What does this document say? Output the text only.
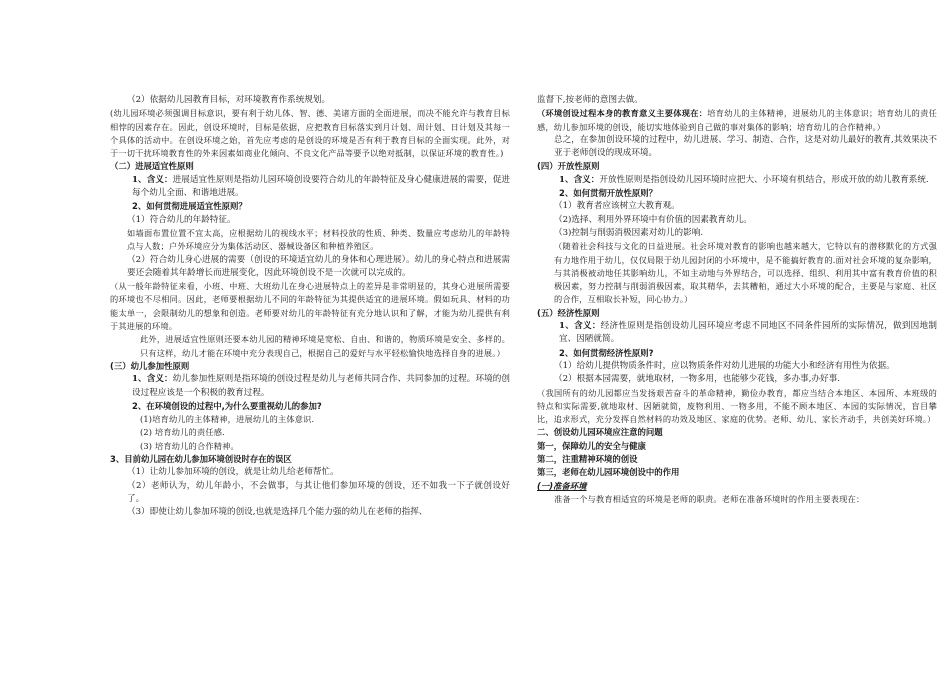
（2）依据幼儿园教育目标，对环境教育作系统规划。

(幼儿园环境必须强调目标意识，要有利于幼儿体、智、德、美诸方面的全面进展，而决不能允许与教育目标相悖的因素存在。因此，创设环境时，目标是依据，应把教育目标落实到月计划、周计划、日计划及其每一个具体的活动中。在创设环境之始，首先应考虑的是创设的环境是否有利于教育目标的全面实现。此外，对于一切干扰环境教育性的外来因素如商业化倾向、不良文化产品等要予以绝对抵制，以保证环境的教育性。)

（二）进展适宜性原则

1、含义：进展适宜性原则是指幼儿园环境创设要符合幼儿的年龄特征及身心健康进展的需要，促进每个幼儿全面、和谐地进展。

2、如何贯彻进展适宜性原则？

（1）符合幼儿的年龄特征。

如墙面布置位置不宜太高，应根据幼儿的视线水平；材料投放的性质、种类、数量应考虑幼儿的年龄特点与人数；户外环境应分为集体活动区、器械设备区和种植养殖区。

（2）符合幼儿身心进展的需要（创设的环境适宜幼儿的身体和心理进展）。幼儿的身心特点和进展需要还会随着其年龄增长而进展变化，因此环境创设不是一次就可以完成的。

（从一般年龄特征来看，小班、中班、大班幼儿在身心进展特点上的差异是非常明显的，其身心进展所需要的环境也不尽相同。因此，老师要根据幼儿不同的年龄特征为其提供适宜的进展环境。假如玩具、材料的功能太单一，会限制幼儿的想象和创造。老师要对幼儿的年龄特征有充分地认识和了解，才能为幼儿提供有利于其进展的环境。

此外，进展适宜性原则还要本幼儿园的精神环境是宽松、自由、和谐的，物质环境是安全、多样的。只有这样，幼儿才能在环境中充分表现自己，根据自己的爱好与水平轻松愉快地选择自身的进展。）

(三）幼儿参加性原则

1、含义：幼儿参加性原则是指环境的创设过程是幼儿与老师共同合作、共同参加的过程。环境的创设过程应该是一个积极的教育过程。

2、在环境创设的过程中,为什么要重视幼儿的参加?

(1)培育幼儿的主体精神，进展幼儿的主体意识.

(2) 培育幼儿的责任感.

(3) 培育幼儿的合作精神。

3、目前幼儿园在幼儿参加环境创设时存在的误区

（1）让幼儿参加环境的创设，就是让幼儿给老师帮忙。

（2）老师认为，幼儿年龄小，不会做事，与其让他们参加环境的创设，还不如我一下子就创设好了。

（3）即使让幼儿参加环境的创设,也就是选择几个能力强的幼儿在老师的指挥、

监督下,按老师的意图去做。

（环境创设过程本身的教育意义主要体现在：培育幼儿的主体精神，进展幼儿的主体意识；培育幼儿的责任感，幼儿参加环境的创设，能切实地体验到自己做的事对集体的影响；培育幼儿的合作精神。）

总之，在参加创设环境的过程中，幼儿进展、学习、制造、合作，这是对幼儿最好的教育,其效果决不亚于老师创设的现成环境。

(四）开放性原则

1、含义：开放性原则是指创设幼儿园环境时应把大、小环境有机结合，形成开放的幼儿教育系统.

2、如何贯彻开放性原则？

（1）教育者应该树立大教育观。

（2)选择、利用外界环境中有价值的因素教育幼儿。

（3)控制与削弱消极因素对幼儿的影响.

（随着社会科技与文化的日益进展。社会环境对教育的影响也越来越大，它特以有的潜移默化的方式强有力地作用于幼儿，仅仅局限于幼儿园封闭的小环境中，是不能搞好教育的.面对社会环境的复杂影响，与其消极被动地任其影响幼儿，不如主动地与外界结合，可以选择、组织、利用其中富有教育价值的积极因素，努力控制与削弱消极因素，取其精华，去其糟粕，通过大小环境的配合，主要是与家庭、社区的合作，互相取长补短，同心协力。）

(五）经济性原则

1、含义：经济性原则是指创设幼儿园环境应考虑不同地区不同条件园所的实际情况，做到因地制宜、因陋就简。

2、如何贯彻经济性原则?

（1）给幼儿提供物质条件时，应以物质条件对幼儿进展的功能大小和经济有用性为依据。

（2）根据本园需要，就地取材，一物多用，也能够少花钱，多办事,办好事.

（我国所有的幼儿园都应当发扬艰苦奋斗的革命精神，勤俭办教育，都应当结合本地区、本园所、本班级的特点和实际需要,就地取材、因陋就简，废物利用、一物多用，不能不顾本地区、本园的实际情况，盲目攀比，追求形式，充分发挥自然材料的功效及地区、家庭的优势。老师、幼儿、家长齐动手，共创美好环境。）

二、创设幼儿园环境应注意的问题

第一，保障幼儿的安全与健康

第二，注重精神环境的创设

第三，老师在幼儿园环境创设中的作用

(一)准备环境

准备一个与教育相适宜的环境是老师的职责。老师在准备环境时的作用主要表现在：
